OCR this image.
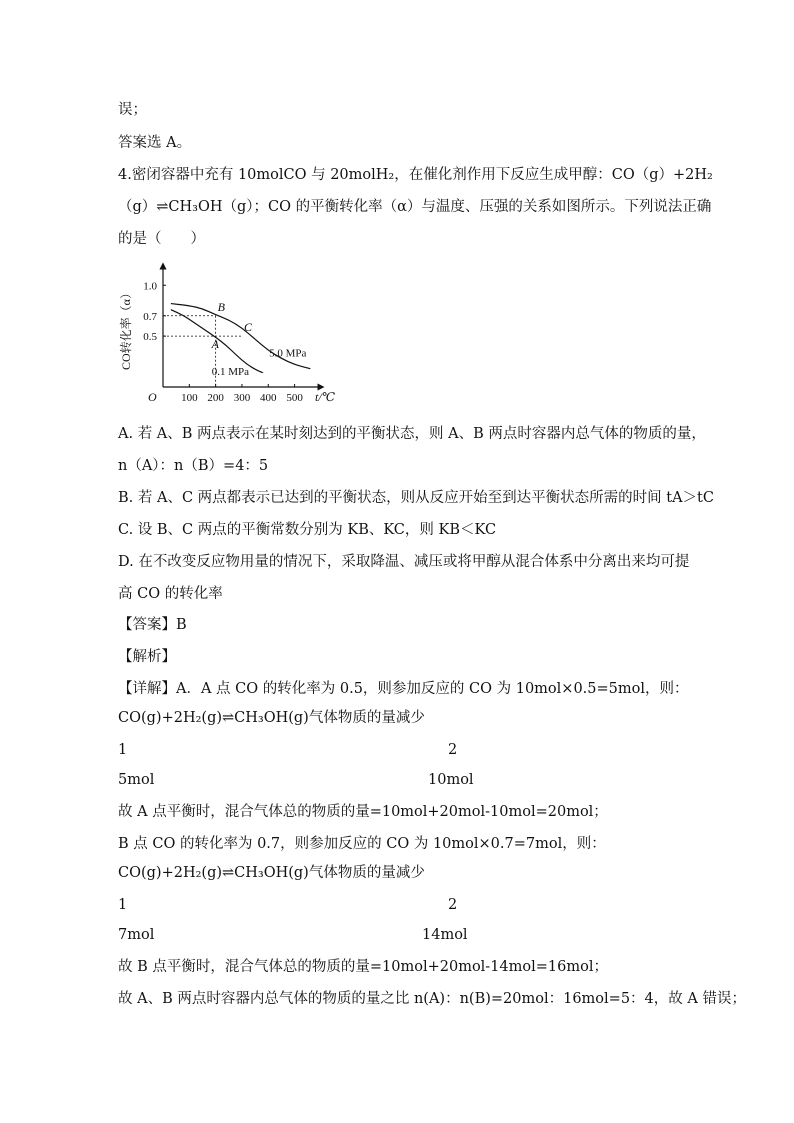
误；
答案选 A。
4.密闭容器中充有 10molCO 与 20molH₂，在催化剂作用下反应生成甲醇：CO（g）+2H₂
（g）⇌CH₃OH（g）；CO 的平衡转化率（α）与温度、压强的关系如图所示。下列说法正确
的是（　　）
O 100 200 300 400 500
1.0
0.7
0.5
t/℃
CO转化率（α）	5.0 MPa
0.1 MPa
A
B
C
A. 若 A、B 两点表示在某时刻达到的平衡状态，则 A、B 两点时容器内总气体的物质的量，
n（A）：n（B）=4：5
B. 若 A、C 两点都表示已达到的平衡状态，则从反应开始至到达平衡状态所需的时间 tA＞tC
C. 设 B、C 两点的平衡常数分别为 KB、KC，则 KB＜KC
D. 在不改变反应物用量的情况下，采取降温、减压或将甲醇从混合体系中分离出来均可提
高 CO 的转化率
【答案】B
【解析】
【详解】A．A 点 CO 的转化率为 0.5，则参加反应的 CO 为 10mol×0.5=5mol，则：
CO(g)+2H₂(g)⇌CH₃OH(g)气体物质的量减少
1	2
5mol	10mol
故 A 点平衡时，混合气体总的物质的量=10mol+20mol-10mol=20mol；
B 点 CO 的转化率为 0.7，则参加反应的 CO 为 10mol×0.7=7mol，则：
CO(g)+2H₂(g)⇌CH₃OH(g)气体物质的量减少
1	2
7mol	14mol
故 B 点平衡时，混合气体总的物质的量=10mol+20mol-14mol=16mol；
故 A、B 两点时容器内总气体的物质的量之比 n(A)：n(B)=20mol：16mol=5：4，故 A 错误；
